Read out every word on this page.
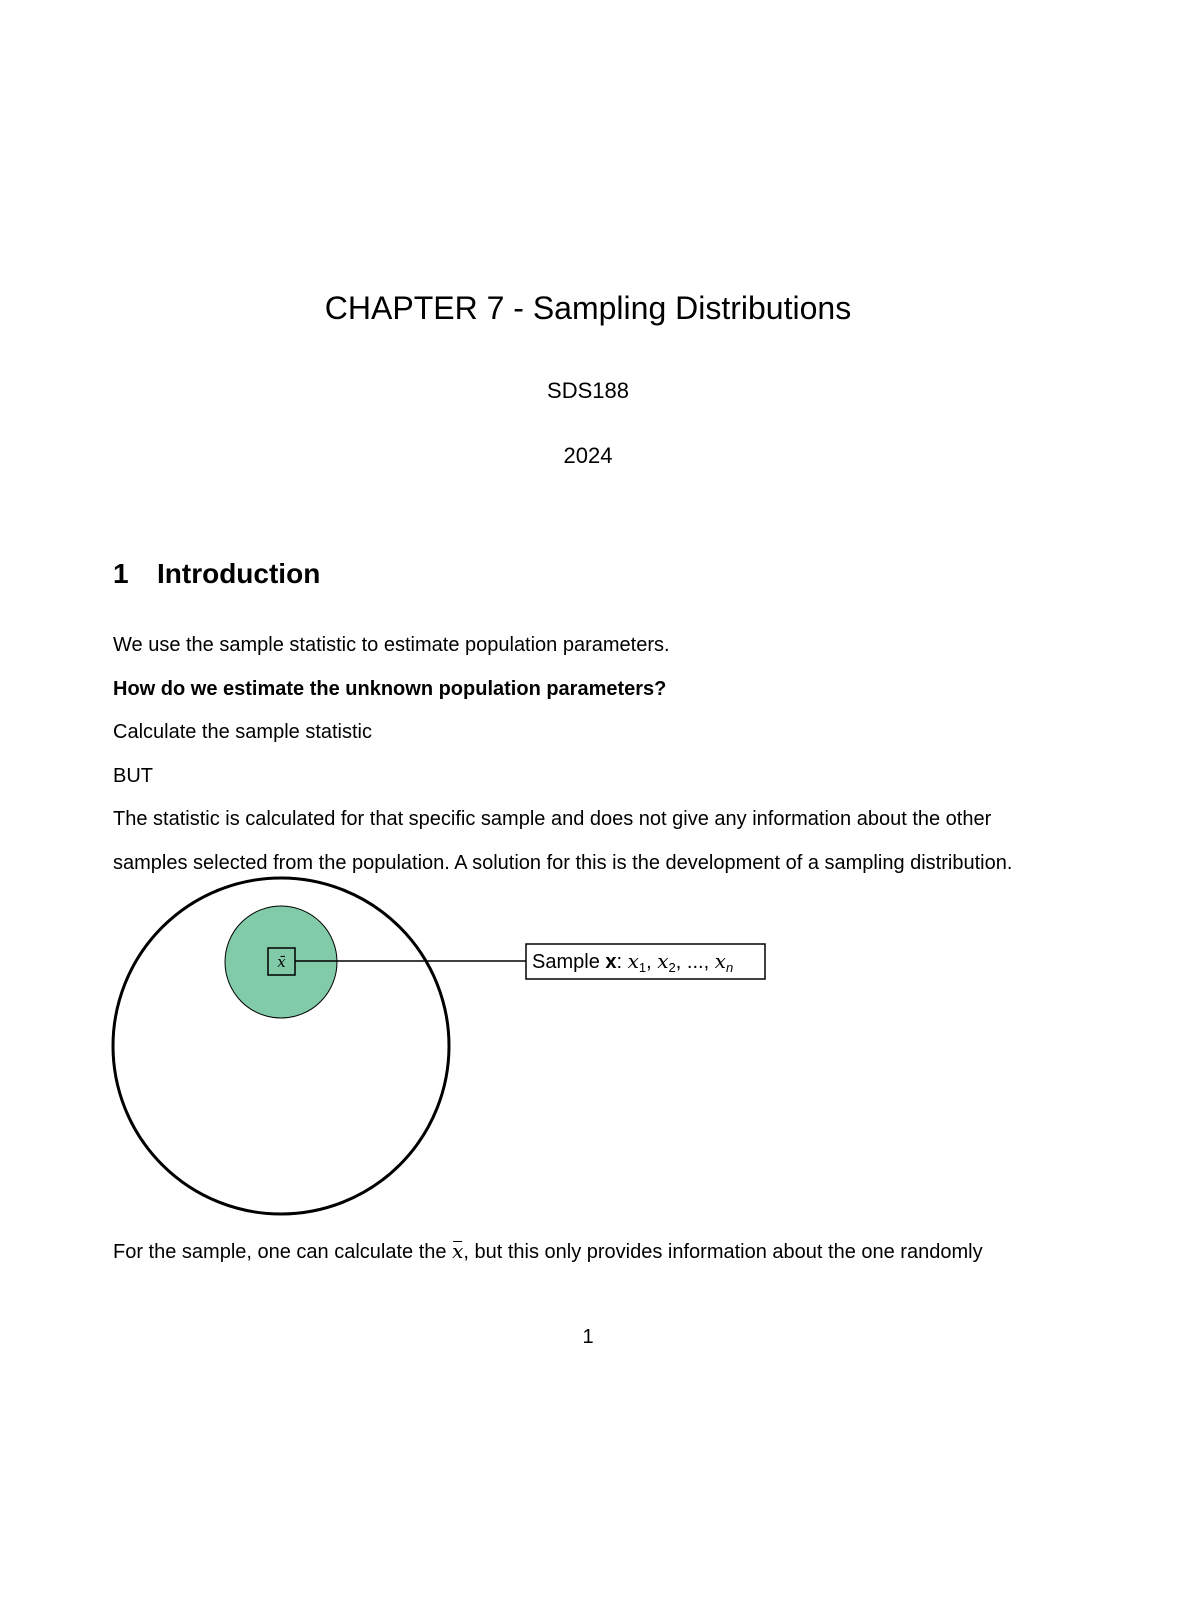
CHAPTER 7 - Sampling Distributions
SDS188
2024
1 Introduction
We use the sample statistic to estimate population parameters.
How do we estimate the unknown population parameters?
Calculate the sample statistic
BUT
The statistic is calculated for that specific sample and does not give any information about the other
samples selected from the population. A solution for this is the development of a sampling distribution.
x̄	Sample x: $x_1$, $x_2$, ..., $x_n$
For the sample, one can calculate the x, but this only provides information about the one randomly
1
